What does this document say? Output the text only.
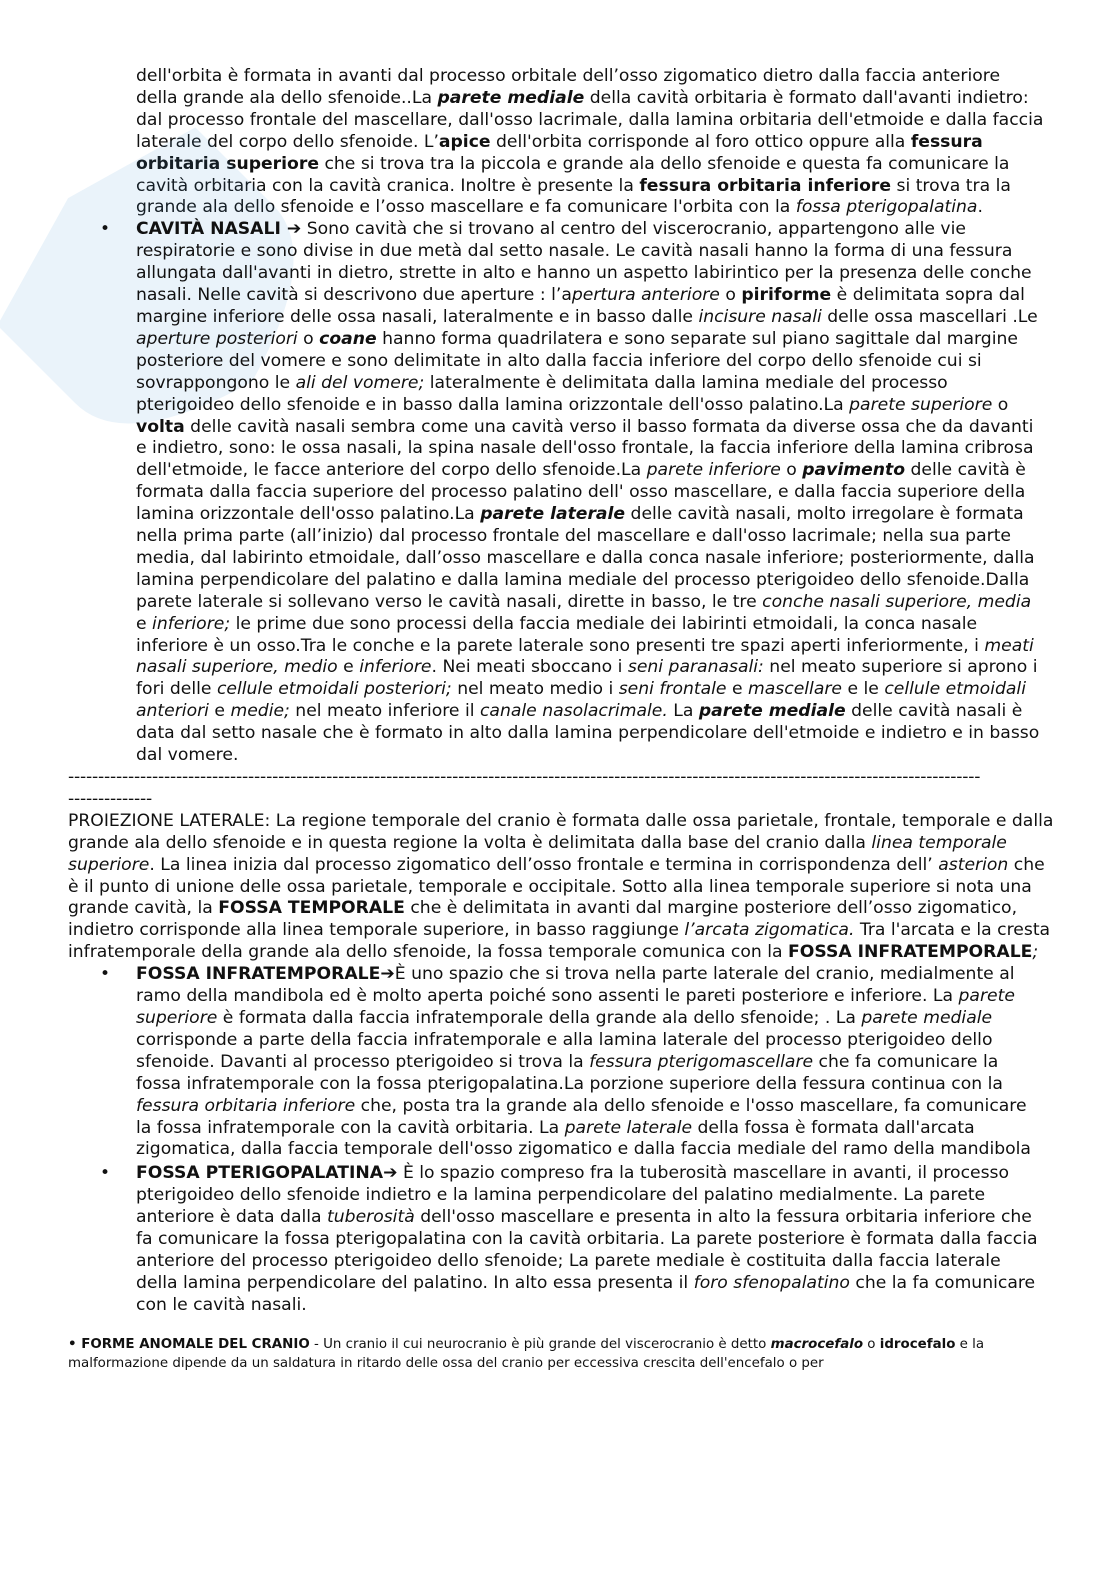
dell'orbita è formata in avanti dal processo orbitale dell’osso zigomatico dietro dalla faccia anteriore della grande ala dello sfenoide..La parete mediale della cavità orbitaria è formato dall'avanti indietro: dal processo frontale del mascellare, dall'osso lacrimale, dalla lamina orbitaria dell'etmoide e dalla faccia laterale del corpo dello sfenoide. L’apice dell'orbita corrisponde al foro ottico oppure alla fessura orbitaria superiore che si trova tra la piccola e grande ala dello sfenoide e questa fa comunicare la cavità orbitaria con la cavità cranica. Inoltre è presente la fessura orbitaria inferiore si trova tra la grande ala dello sfenoide e l’osso mascellare e fa comunicare l'orbita con la fossa pterigopalatina.

•	CAVITÀ NASALI ➔ Sono cavità che si trovano al centro del viscerocranio, appartengono alle vie respiratorie e sono divise in due metà dal setto nasale. Le cavità nasali hanno la forma di una fessura allungata dall'avanti in dietro, strette in alto e hanno un aspetto labirintico per la presenza delle conche nasali. Nelle cavità si descrivono due aperture : l’apertura anteriore o piriforme è delimitata sopra dal margine inferiore delle ossa nasali, lateralmente e in basso dalle incisure nasali delle ossa mascellari .Le aperture posteriori o coane hanno forma quadrilatera e sono separate sul piano sagittale dal margine posteriore del vomere e sono delimitate in alto dalla faccia inferiore del corpo dello sfenoide cui si sovrappongono le ali del vomere; lateralmente è delimitata dalla lamina mediale del processo pterigoideo dello sfenoide e in basso dalla lamina orizzontale dell'osso palatino.La parete superiore o volta delle cavità nasali sembra come una cavità verso il basso formata da diverse ossa che da davanti e indietro, sono: le ossa nasali, la spina nasale dell'osso frontale, la faccia inferiore della lamina cribrosa dell'etmoide, le facce anteriore del corpo dello sfenoide.La parete inferiore o pavimento delle cavità è formata dalla faccia superiore del processo palatino dell' osso mascellare, e dalla faccia superiore della lamina orizzontale dell'osso palatino.La parete laterale delle cavità nasali, molto irregolare è formata nella prima parte (all’inizio) dal processo frontale del mascellare e dall'osso lacrimale; nella sua parte media, dal labirinto etmoidale, dall’osso mascellare e dalla conca nasale inferiore; posteriormente, dalla lamina perpendicolare del palatino e dalla lamina mediale del processo pterigoideo dello sfenoide.Dalla parete laterale si sollevano verso le cavità nasali, dirette in basso, le tre conche nasali superiore, media e inferiore; le prime due sono processi della faccia mediale dei labirinti etmoidali, la conca nasale inferiore è un osso.Tra le conche e la parete laterale sono presenti tre spazi aperti inferiormente, i meati nasali superiore, medio e inferiore. Nei meati sboccano i seni paranasali: nel meato superiore si aprono i fori delle cellule etmoidali posteriori; nel meato medio i seni frontale e mascellare e le cellule etmoidali anteriori e medie; nel meato inferiore il canale nasolacrimale. La parete mediale delle cavità nasali è data dal setto nasale che è formato in alto dalla lamina perpendicolare dell'etmoide e indietro e in basso dal vomere.

--------------------------------------------------------------------------------------------------------------------------------------------------------
--------------

PROIEZIONE LATERALE: La regione temporale del cranio è formata dalle ossa parietale, frontale, temporale e dalla grande ala dello sfenoide e in questa regione la volta è delimitata dalla base del cranio dalla linea temporale superiore. La linea inizia dal processo zigomatico dell’osso frontale e termina in corrispondenza dell’ asterion che è il punto di unione delle ossa parietale, temporale e occipitale. Sotto alla linea temporale superiore si nota una grande cavità, la FOSSA TEMPORALE che è delimitata in avanti dal margine posteriore dell’osso zigomatico, indietro corrisponde alla linea temporale superiore, in basso raggiunge l’arcata zigomatica. Tra l'arcata e la cresta infratemporale della grande ala dello sfenoide, la fossa temporale comunica con la FOSSA INFRATEMPORALE;

•	FOSSA INFRATEMPORALE➔È uno spazio che si trova nella parte laterale del cranio, medialmente al ramo della mandibola ed è molto aperta poiché sono assenti le pareti posteriore e inferiore. La parete superiore è formata dalla faccia infratemporale della grande ala dello sfenoide; . La parete mediale corrisponde a parte della faccia infratemporale e alla lamina laterale del processo pterigoideo dello sfenoide. Davanti al processo pterigoideo si trova la fessura pterigomascellare che fa comunicare la fossa infratemporale con la fossa pterigopalatina.La porzione superiore della fessura continua con la fessura orbitaria inferiore che, posta tra la grande ala dello sfenoide e l'osso mascellare, fa comunicare la fossa infratemporale con la cavità orbitaria. La parete laterale della fossa è formata dall'arcata zigomatica, dalla faccia temporale dell'osso zigomatico e dalla faccia mediale del ramo della mandibola

•	FOSSA PTERIGOPALATINA➔ È lo spazio compreso fra la tuberosità mascellare in avanti, il processo pterigoideo dello sfenoide indietro e la lamina perpendicolare del palatino medialmente. La parete anteriore è data dalla tuberosità dell'osso mascellare e presenta in alto la fessura orbitaria inferiore che fa comunicare la fossa pterigopalatina con la cavità orbitaria. La parete posteriore è formata dalla faccia anteriore del processo pterigoideo dello sfenoide; La parete mediale è costituita dalla faccia laterale della lamina perpendicolare del palatino. In alto essa presenta il foro sfenopalatino che la fa comunicare con le cavità nasali.

• FORME ANOMALE DEL CRANIO - Un cranio il cui neurocranio è più grande del viscerocranio è detto macrocefalo o idrocefalo e la malformazione dipende da un saldatura in ritardo delle ossa del cranio per eccessiva crescita dell'encefalo o per
